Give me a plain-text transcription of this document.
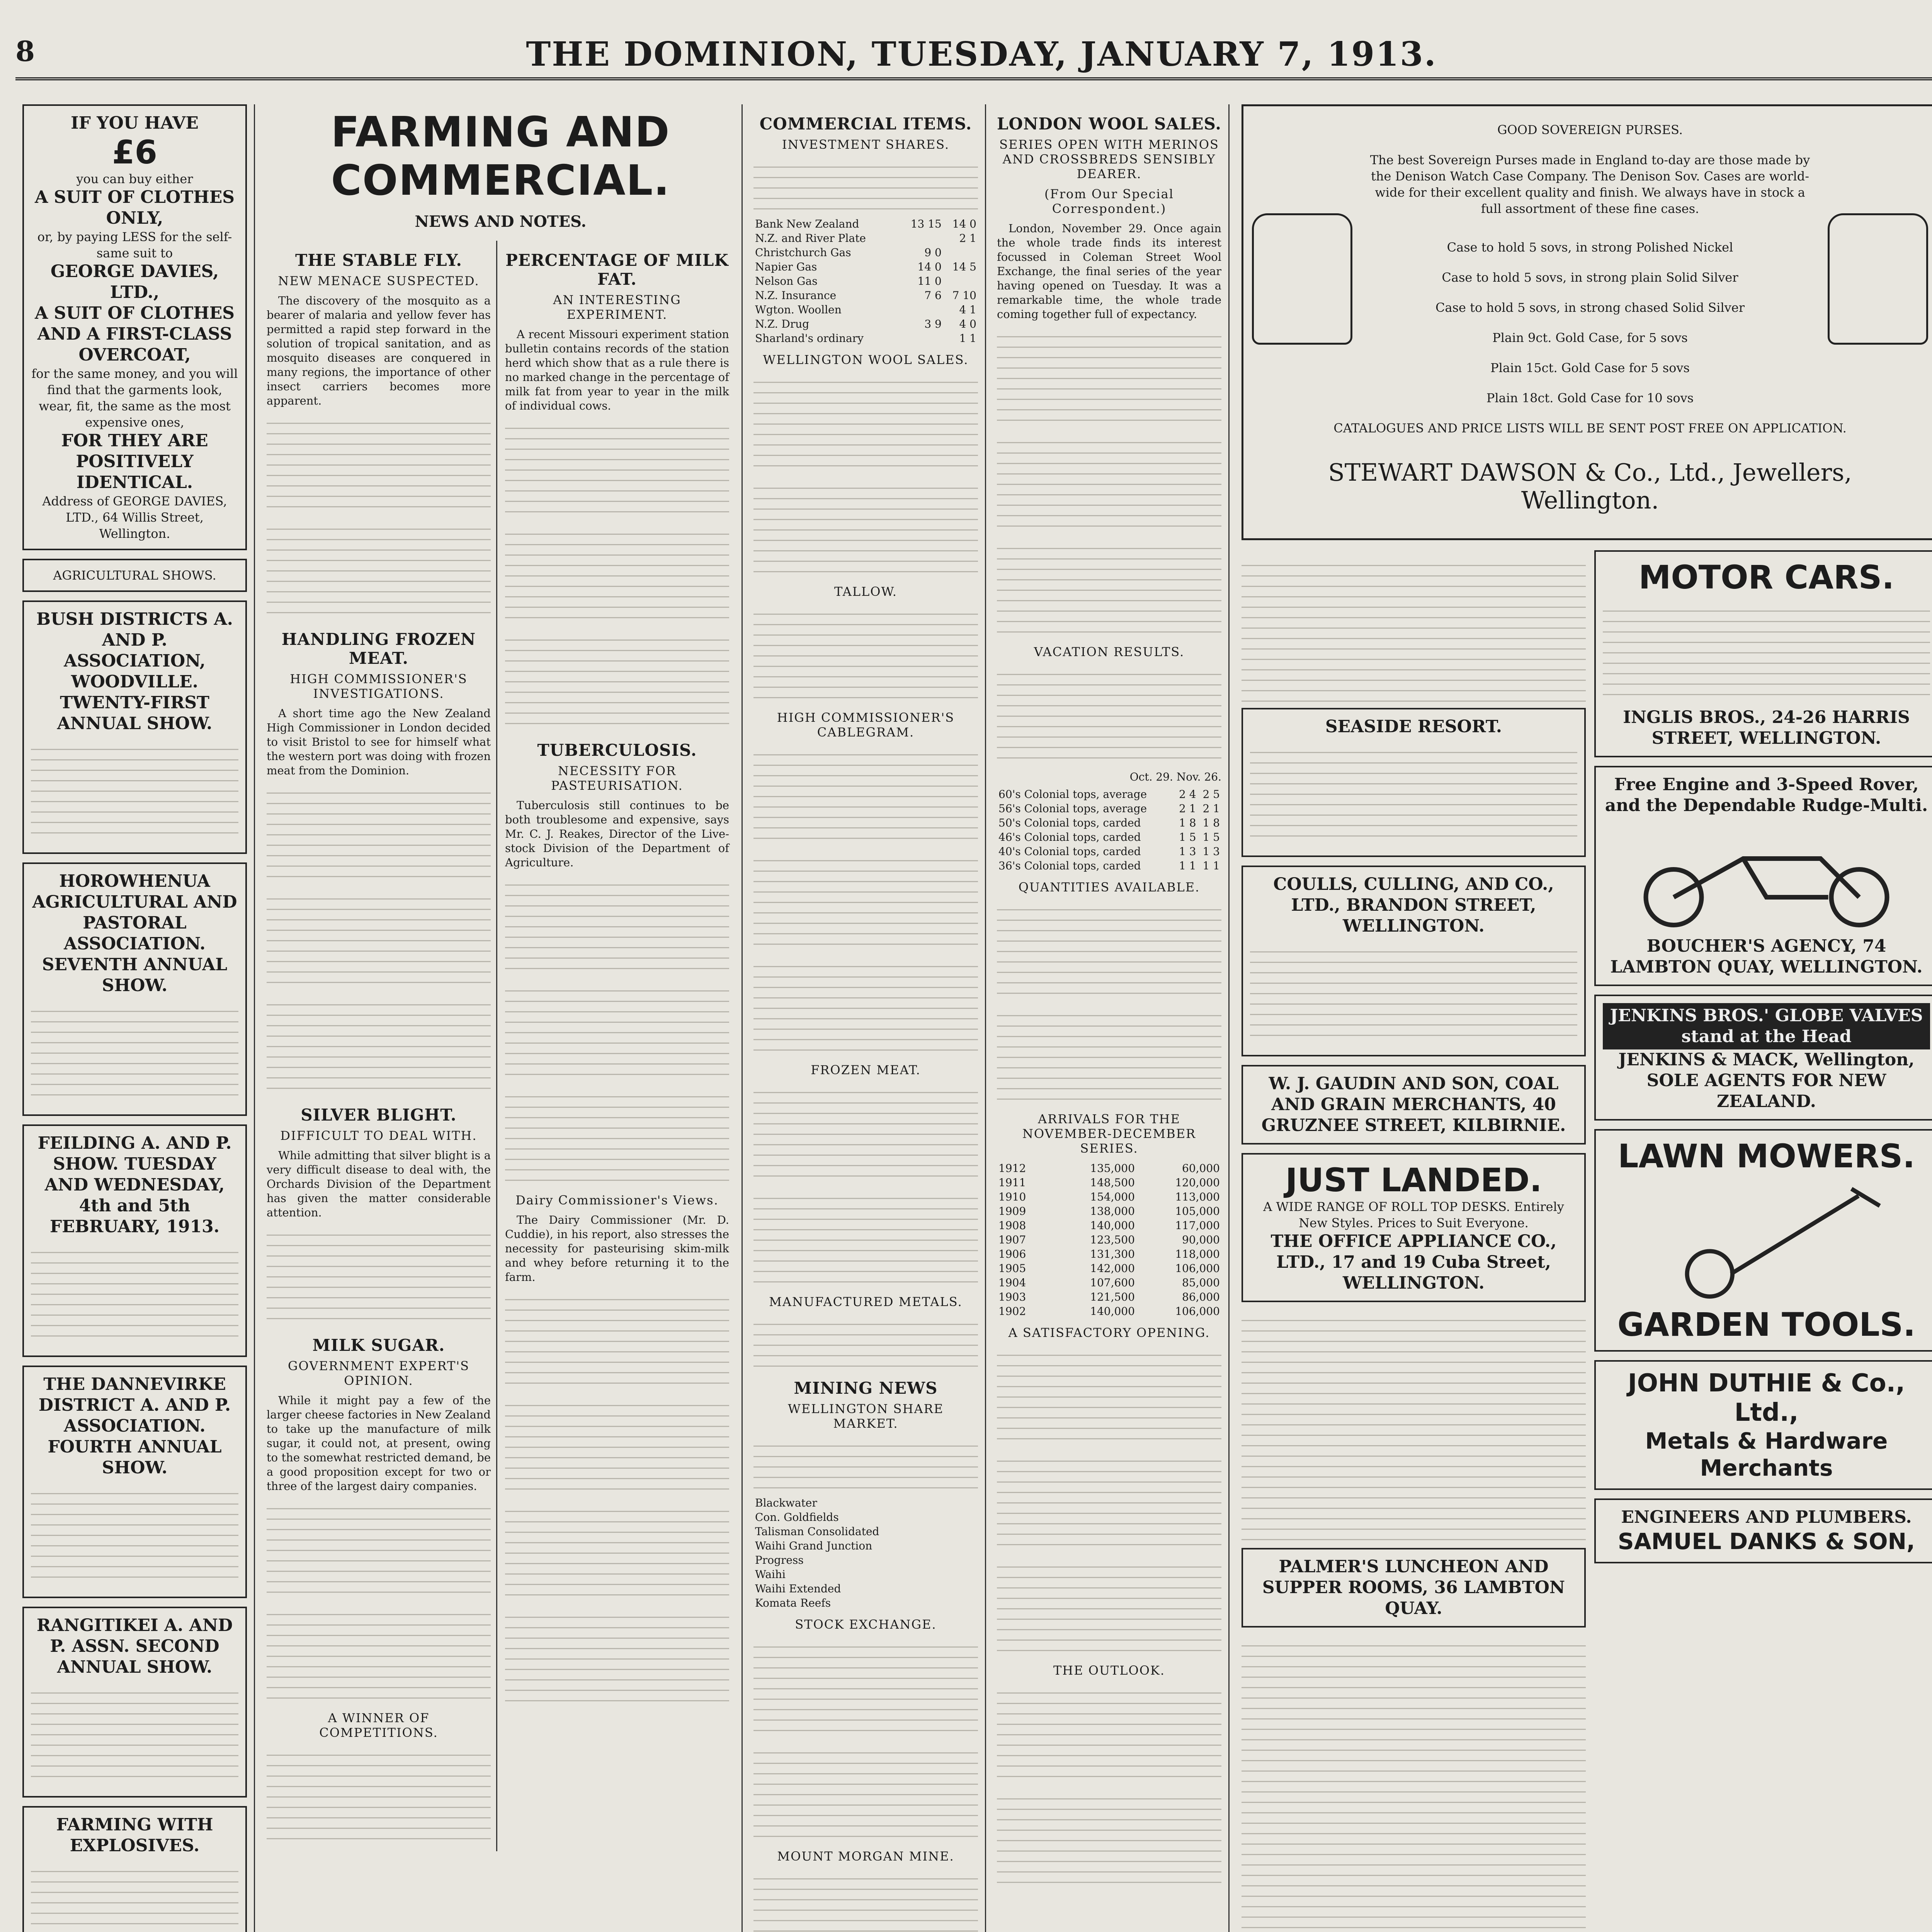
8	THE DOMINION, TUESDAY, JANUARY 7, 1913.
IF YOU HAVE
£6
you can buy either
A SUIT OF CLOTHES ONLY,
or, by paying LESS for the self-same suit to
GEORGE DAVIES, LTD.,
A SUIT OF CLOTHES AND A FIRST-CLASS OVERCOAT,
for the same money, and you will find that the garments look, wear, fit, the same as the most expensive ones,
FOR THEY ARE POSITIVELY IDENTICAL.
Address of GEORGE DAVIES, LTD., 64 Willis Street, Wellington.
AGRICULTURAL SHOWS.
BUSH DISTRICTS A. AND P. ASSOCIATION, WOODVILLE. TWENTY-FIRST ANNUAL SHOW.
HOROWHENUA AGRICULTURAL AND PASTORAL ASSOCIATION. SEVENTH ANNUAL SHOW.
FEILDING A. AND P. SHOW. TUESDAY AND WEDNESDAY, 4th and 5th FEBRUARY, 1913.
THE DANNEVIRKE DISTRICT A. AND P. ASSOCIATION. FOURTH ANNUAL SHOW.
RANGITIKEI A. AND P. ASSN. SECOND ANNUAL SHOW.
FARMING WITH EXPLOSIVES.
FARMING AND COMMERCIAL.
NEWS AND NOTES.
THE STABLE FLY.
NEW MENACE SUSPECTED.

The discovery of the mosquito as a bearer of malaria and yellow fever has permitted a rapid step forward in the solution of tropical sanitation, and as mosquito diseases are conquered in many regions, the importance of other insect carriers becomes more apparent.

HANDLING FROZEN MEAT.
HIGH COMMISSIONER'S INVESTIGATIONS.

A short time ago the New Zealand High Commissioner in London decided to visit Bristol to see for himself what the western port was doing with frozen meat from the Dominion.

SILVER BLIGHT.
DIFFICULT TO DEAL WITH.

While admitting that silver blight is a very difficult disease to deal with, the Orchards Division of the Department has given the matter considerable attention.

MILK SUGAR.
GOVERNMENT EXPERT'S OPINION.

While it might pay a few of the larger cheese factories in New Zealand to take up the manufacture of milk sugar, it could not, at present, owing to the somewhat restricted demand, be a good proposition except for two or three of the largest dairy companies.

A WINNER OF COMPETITIONS.
PERCENTAGE OF MILK FAT.
AN INTERESTING EXPERIMENT.

A recent Missouri experiment station bulletin contains records of the station herd which show that as a rule there is no marked change in the percentage of milk fat from year to year in the milk of individual cows.

TUBERCULOSIS.
NECESSITY FOR PASTEURISATION.

Tuberculosis still continues to be both troublesome and expensive, says Mr. C. J. Reakes, Director of the Live-stock Division of the Department of Agriculture.

Dairy Commissioner's Views.

The Dairy Commissioner (Mr. D. Cuddie), in his report, also stresses the necessity for pasteurising skim-milk and whey before returning it to the farm.

COMMERCIAL ITEMS.
INVESTMENT SHARES.
Bank New Zealand	13 15	14 0
N.Z. and River Plate		2 1
Christchurch Gas	9 0	
Napier Gas	14 0	14 5
Nelson Gas	11 0	
N.Z. Insurance	7 6	7 10
Wgton. Woollen		4 1
N.Z. Drug	3 9	4 0
Sharland's ordinary		1 1
WELLINGTON WOOL SALES.
TALLOW.
HIGH COMMISSIONER'S CABLEGRAM.
FROZEN MEAT.
MANUFACTURED METALS.
MINING NEWS
WELLINGTON SHARE MARKET.
Blackwater
Con. Goldfields
Talisman Consolidated
Waihi Grand Junction
Progress
Waihi
Waihi Extended
Komata Reefs
STOCK EXCHANGE.
MOUNT MORGAN MINE.
LONDON WOOL SALES.
SERIES OPEN WITH MERINOS AND CROSSBREDS SENSIBLY DEARER.
(From Our Special Correspondent.)

London, November 29. Once again the whole trade finds its interest focussed in Coleman Street Wool Exchange, the final series of the year having opened on Tuesday. It was a remarkable time, the whole trade coming together full of expectancy.

VACATION RESULTS.
Oct. 29. Nov. 26.
60's Colonial tops, average	2 4	2 5
56's Colonial tops, average	2 1	2 1
50's Colonial tops, carded	1 8	1 8
46's Colonial tops, carded	1 5	1 5
40's Colonial tops, carded	1 3	1 3
36's Colonial tops, carded	1 1	1 1
QUANTITIES AVAILABLE.
ARRIVALS FOR THE NOVEMBER-DECEMBER SERIES.
1912	135,000	60,000
1911	148,500	120,000
1910	154,000	113,000
1909	138,000	105,000
1908	140,000	117,000
1907	123,500	90,000
1906	131,300	118,000
1905	142,000	106,000
1904	107,600	85,000
1903	121,500	86,000
1902	140,000	106,000
A SATISFACTORY OPENING.
THE OUTLOOK.
GOOD SOVEREIGN PURSES.
The best Sovereign Purses made in England to-day are those made by the Denison Watch Case Company. The Denison Sov. Cases are world-wide for their excellent quality and finish. We always have in stock a full assortment of these fine cases.
Case to hold 5 sovs, in strong Polished Nickel
Case to hold 5 sovs, in strong plain Solid Silver
Case to hold 5 sovs, in strong chased Solid Silver
Plain 9ct. Gold Case, for 5 sovs
Plain 15ct. Gold Case for 5 sovs
Plain 18ct. Gold Case for 10 sovs
CATALOGUES AND PRICE LISTS WILL BE SENT POST FREE ON APPLICATION.
STEWART DAWSON & Co., Ltd., Jewellers, Wellington.
SEASIDE RESORT.
COULLS, CULLING, AND CO., LTD., BRANDON STREET, WELLINGTON.
W. J. GAUDIN AND SON, COAL AND GRAIN MERCHANTS, 40 GRUZNEE STREET, KILBIRNIE.
JUST LANDED.
A WIDE RANGE OF ROLL TOP DESKS. Entirely New Styles. Prices to Suit Everyone.
THE OFFICE APPLIANCE CO., LTD., 17 and 19 Cuba Street, WELLINGTON.
PALMER'S LUNCHEON AND SUPPER ROOMS, 36 LAMBTON QUAY.
MOTOR CARS.
INGLIS BROS., 24-26 HARRIS STREET, WELLINGTON.
Free Engine and 3-Speed Rover, and the Dependable Rudge-Multi.
BOUCHER'S AGENCY, 74 LAMBTON QUAY, WELLINGTON.
JENKINS BROS.' GLOBE VALVES stand at the Head
JENKINS & MACK, Wellington, SOLE AGENTS FOR NEW ZEALAND.
LAWN MOWERS.
GARDEN TOOLS.
JOHN DUTHIE & Co., Ltd.,
Metals & Hardware Merchants
ENGINEERS AND PLUMBERS.
SAMUEL DANKS & SON,
